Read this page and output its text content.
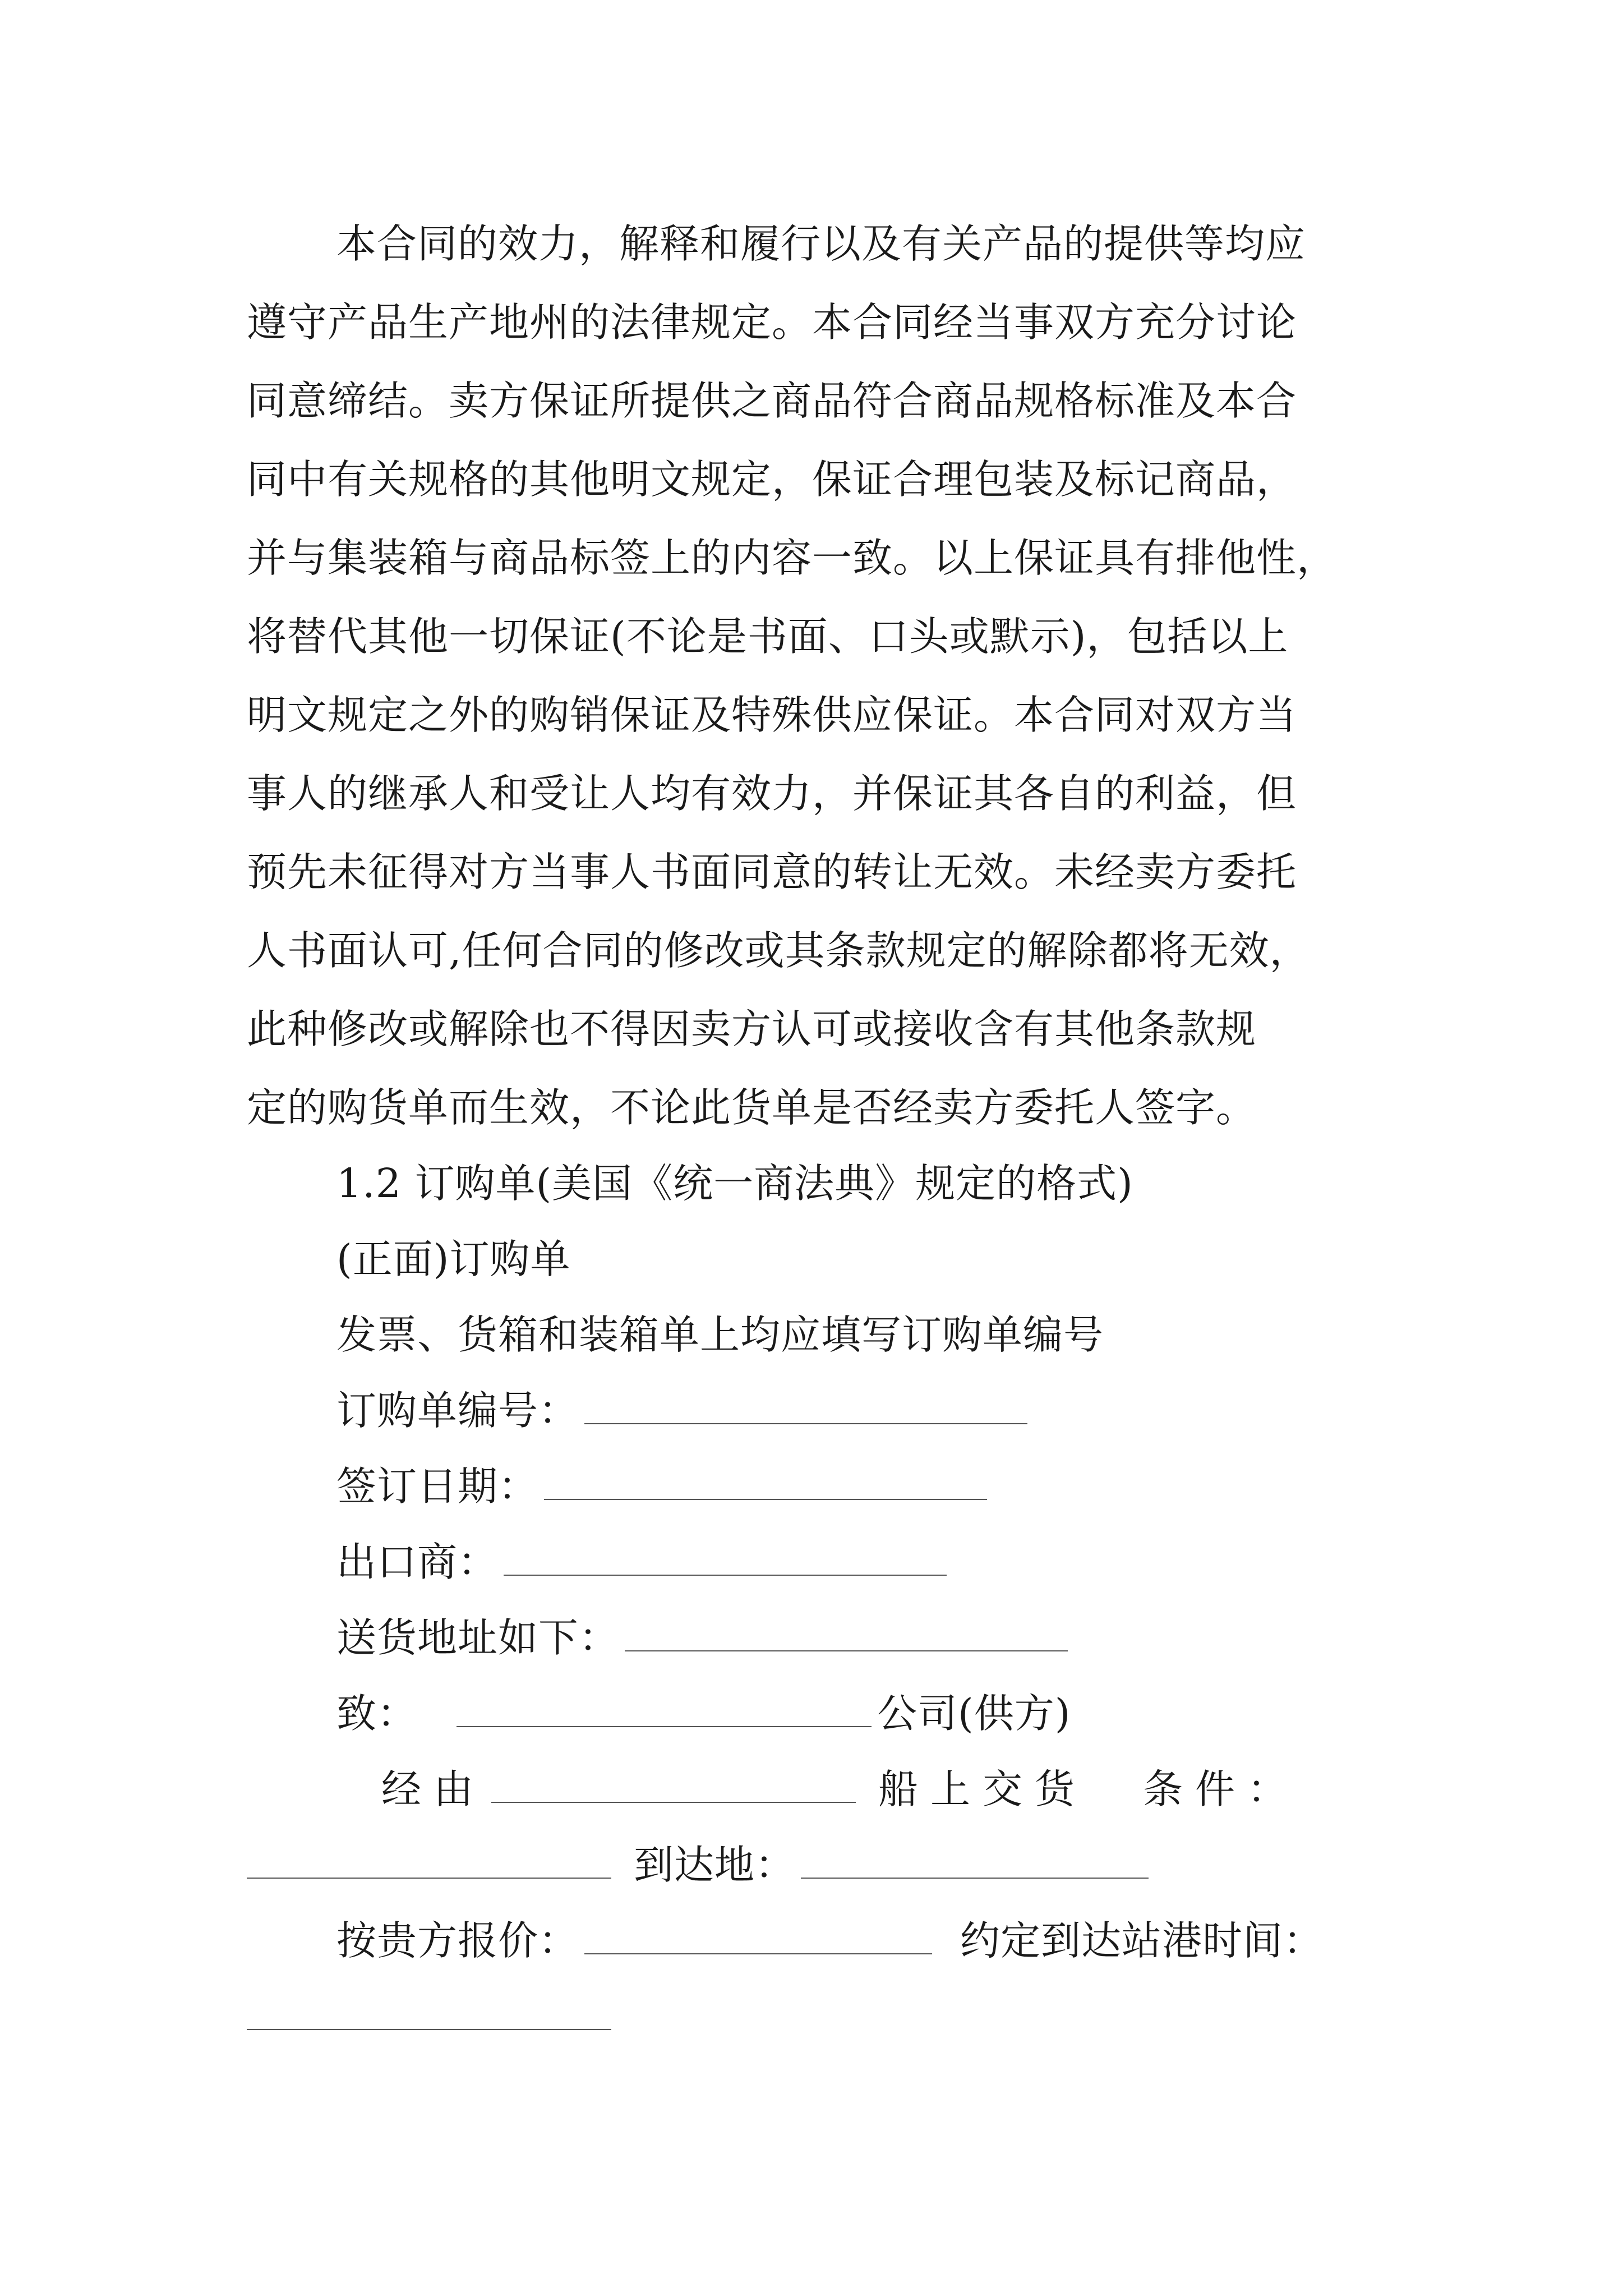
本合同的效力，解释和履行以及有关产品的提供等均应
遵守产品生产地州的法律规定。本合同经当事双方充分讨论
同意缔结。卖方保证所提供之商品符合商品规格标准及本合
同中有关规格的其他明文规定，保证合理包装及标记商品，
并与集装箱与商品标签上的内容一致。以上保证具有排他性，
将替代其他一切保证(不论是书面、口头或默示)，包括以上
明文规定之外的购销保证及特殊供应保证。本合同对双方当
事人的继承人和受让人均有效力，并保证其各自的利益，但
预先未征得对方当事人书面同意的转让无效。未经卖方委托
人书面认可,任何合同的修改或其条款规定的解除都将无效，
此种修改或解除也不得因卖方认可或接收含有其他条款规
定的购货单而生效，不论此货单是否经卖方委托人签字。
1.2 订购单(美国《统一商法典》规定的格式)
(正面)订购单
发票、货箱和装箱单上均应填写订购单编号
订购单编号：
签订日期：
出口商：
送货地址如下：
致：	公司(供方)
经由	船上交货 条件：
到达地：
按贵方报价：	约定到达站港时间：
